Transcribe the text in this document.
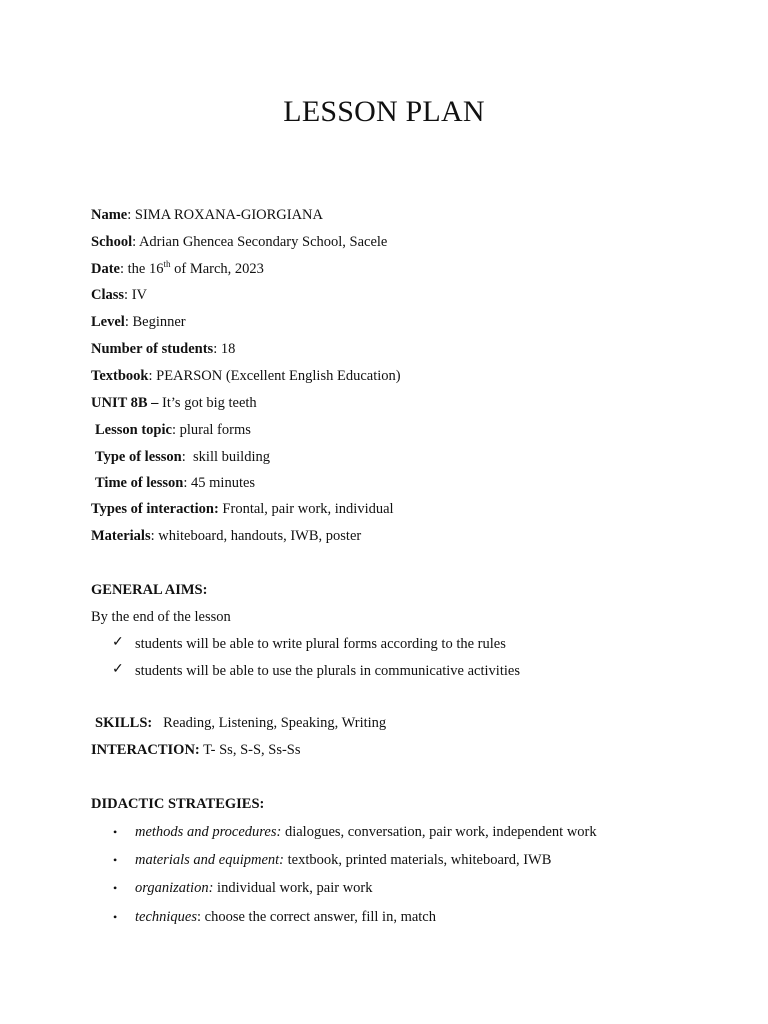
LESSON PLAN
Name: SIMA ROXANA-GIORGIANA
School: Adrian Ghencea Secondary School, Sacele
Date: the 16th of March, 2023
Class: IV
Level: Beginner
Number of students: 18
Textbook: PEARSON (Excellent English Education)
UNIT 8B – It’s got big teeth
Lesson topic: plural forms
Type of lesson:  skill building
Time of lesson: 45 minutes
Types of interaction: Frontal, pair work, individual
Materials: whiteboard, handouts, IWB, poster
GENERAL AIMS:
By the end of the lesson
✓ students will be able to write plural forms according to the rules
✓ students will be able to use the plurals in communicative activities
SKILLS:   Reading, Listening, Speaking, Writing
INTERACTION: T- Ss, S-S, Ss-Ss
DIDACTIC STRATEGIES:
• methods and procedures: dialogues, conversation, pair work, independent work
• materials and equipment: textbook, printed materials, whiteboard, IWB
• organization: individual work, pair work
• techniques: choose the correct answer, fill in, match
